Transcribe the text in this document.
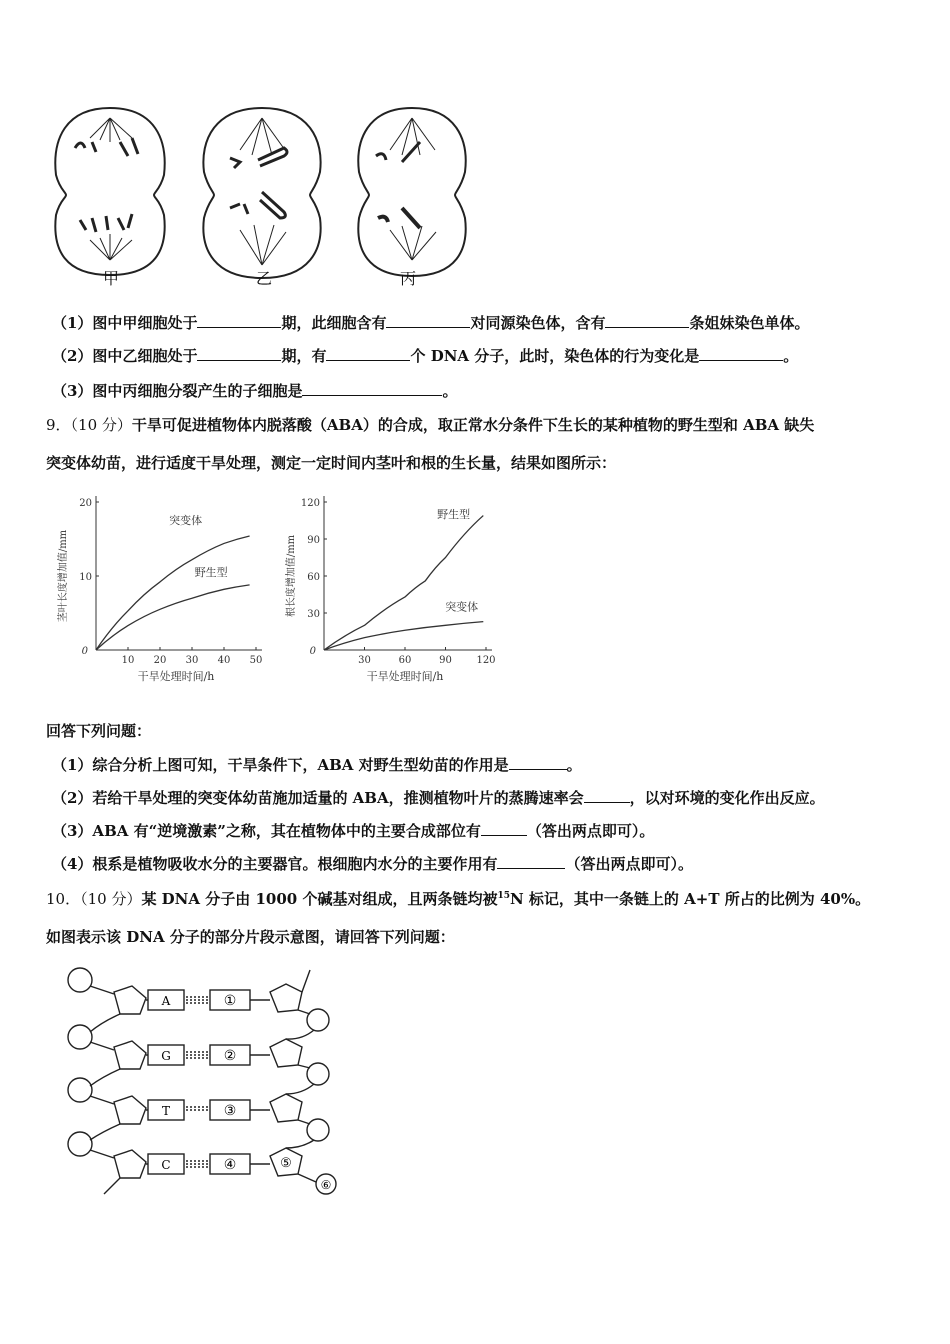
甲	乙	丙
（1）图中甲细胞处于	期，此细胞含有	对同源染色体，含有	条姐妹染色单体。
（2）图中乙细胞处于	期，有	个 DNA 分子，此时，染色体的行为变化是	。
（3）图中丙细胞分裂产生的子细胞是	。
9．（10 分）干旱可促进植物体内脱落酸（ABA）的合成，取正常水分条件下生长的某种植物的野生型和 ABA 缺失
突变体幼苗，进行适度干旱处理，测定一定时间内茎叶和根的生长量，结果如图所示：
0
10 20 30 40 50
10
20
干旱处理时间/h
茎叶长度增加值/mm
突变体
野生型
0
30	60	90 120
30
60
90
120
干旱处理时间/h
根长度增加值/mm
野生型
突变体
回答下列问题：
（1）综合分析上图可知，干旱条件下，ABA 对野生型幼苗的作用是	。
（2）若给干旱处理的突变体幼苗施加适量的 ABA，推测植物叶片的蒸腾速率会	，以对环境的变化作出反应。
（3）ABA 有“逆境激素”之称，其在植物体中的主要合成部位有	（答出两点即可）。
（4）根系是植物吸收水分的主要器官。根细胞内水分的主要作用有	（答出两点即可）。
10．（10 分）某 DNA 分子由 1000 个碱基对组成，且两条链均被$^{15}$N 标记，其中一条链上的 A+T 所占的比例为 40%。
如图表示该 DNA 分子的部分片段示意图，请回答下列问题：
A
G
T
C
①
②
③
④	⑤
⑥
